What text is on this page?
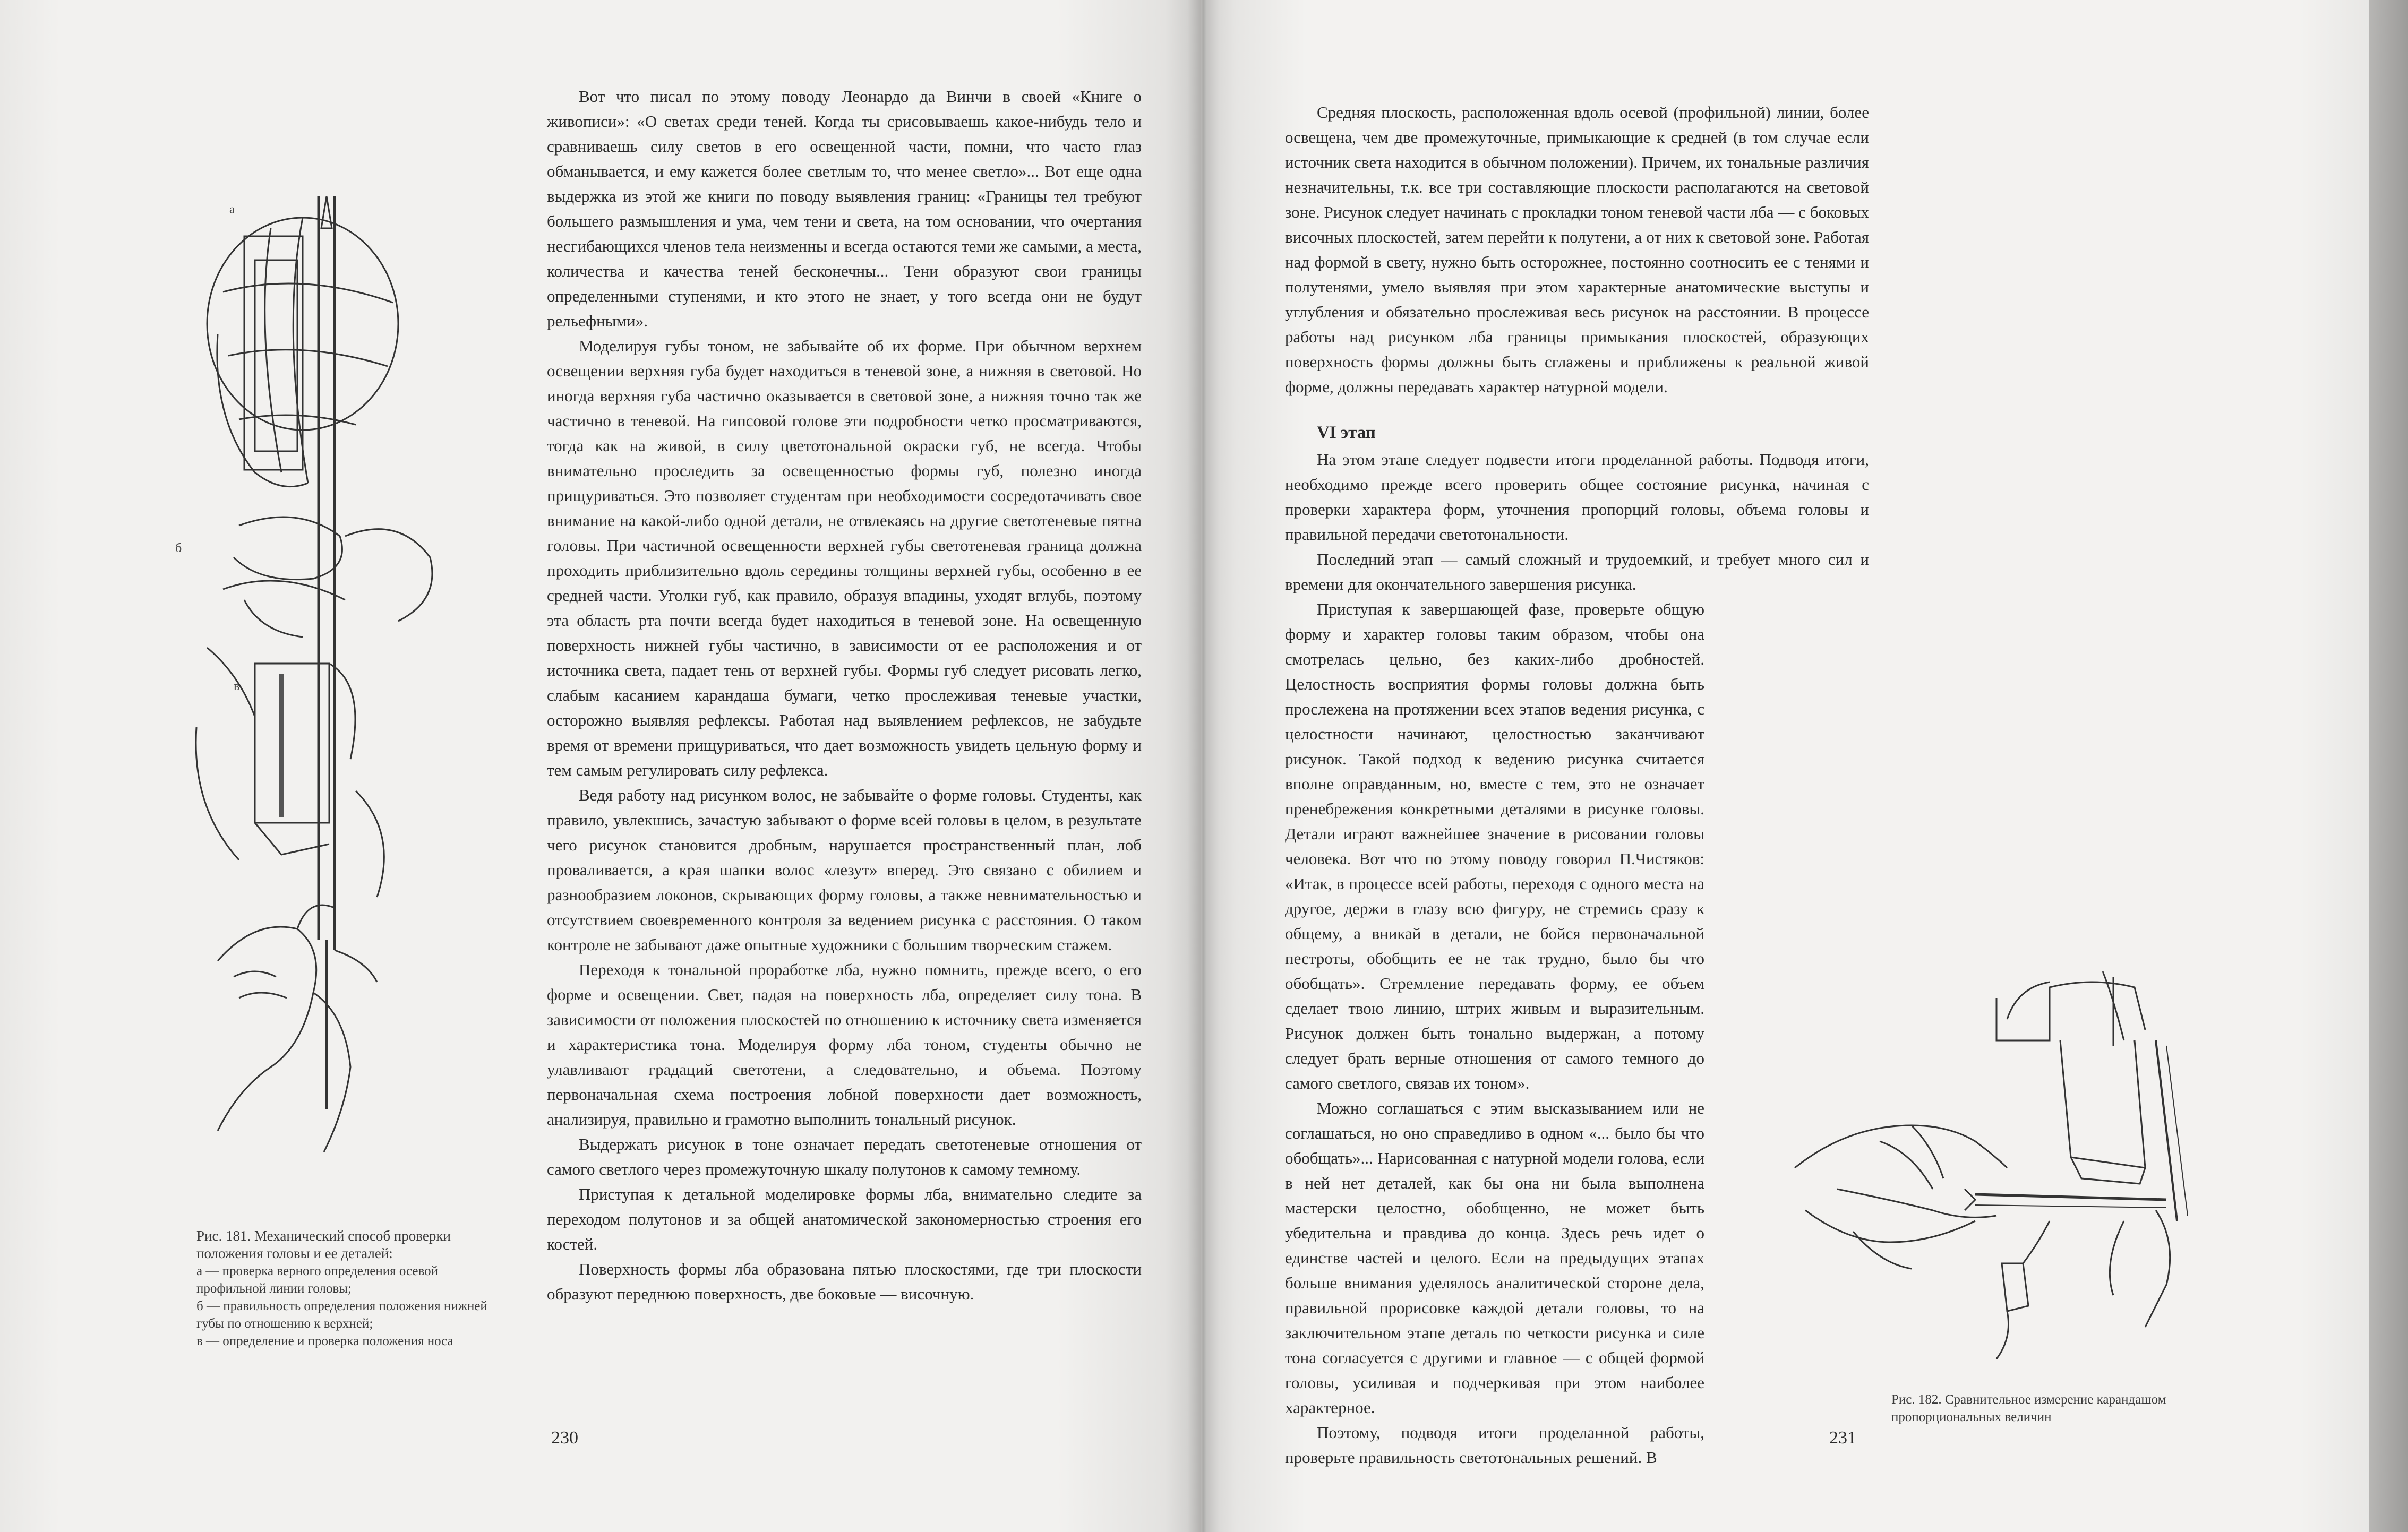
а
б
в
Рис. 181. Механический способ проверки положения головы и ее деталей:
а — проверка верного определения осевой профильной линии головы;
б — правильность определения положения нижней губы по отношению к верхней;
в — определение и проверка положения носа

Вот что писал по этому поводу Леонардо да Винчи в своей «Книге о живописи»: «О светах среди теней. Когда ты срисовываешь какое-нибудь тело и сравниваешь силу светов в его освещенной части, помни, что часто глаз обманывается, и ему кажется более светлым то, что менее светло»... Вот еще одна выдержка из этой же книги по поводу выявления границ: «Границы тел требуют большего размышления и ума, чем тени и света, на том основании, что очертания несгибающихся членов тела неизменны и всегда остаются теми же самыми, а места, количества и качества теней бесконечны... Тени образуют свои границы определенными ступенями, и кто этого не знает, у того всегда они не будут рельефными».

Моделируя губы тоном, не забывайте об их форме. При обычном верхнем освещении верхняя губа будет находиться в теневой зоне, а нижняя в световой. Но иногда верхняя губа частично оказывается в световой зоне, а нижняя точно так же частично в теневой. На гипсовой голове эти подробности четко просматриваются, тогда как на живой, в силу цветотональной окраски губ, не всегда. Чтобы внимательно проследить за освещенностью формы губ, полезно иногда прищуриваться. Это позволяет студентам при необходимости сосредотачивать свое внимание на какой-либо одной детали, не отвлекаясь на другие светотеневые пятна головы. При частичной освещенности верхней губы светотеневая граница должна проходить приблизительно вдоль середины толщины верхней губы, особенно в ее средней части. Уголки губ, как правило, образуя впадины, уходят вглубь, поэтому эта область рта почти всегда будет находиться в теневой зоне. На освещенную поверхность нижней губы частично, в зависимости от ее расположения и от источника света, падает тень от верхней губы. Формы губ следует рисовать легко, слабым касанием карандаша бумаги, четко прослеживая теневые участки, осторожно выявляя рефлексы. Работая над выявлением рефлексов, не забудьте время от времени прищуриваться, что дает возможность увидеть цельную форму и тем самым регулировать силу рефлекса.

Ведя работу над рисунком волос, не забывайте о форме головы. Студенты, как правило, увлекшись, зачастую забывают о форме всей головы в целом, в результате чего рисунок становится дробным, нарушается пространственный план, лоб проваливается, а края шапки волос «лезут» вперед. Это связано с обилием и разнообразием локонов, скрывающих форму головы, а также невнимательностью и отсутствием своевременного контроля за ведением рисунка с расстояния. О таком контроле не забывают даже опытные художники с большим творческим стажем.

Переходя к тональной проработке лба, нужно помнить, прежде всего, о его форме и освещении. Свет, падая на поверхность лба, определяет силу тона. В зависимости от положения плоскостей по отношению к источнику света изменяется и характеристика тона. Моделируя форму лба тоном, студенты обычно не улавливают градаций светотени, а следовательно, и объема. Поэтому первоначальная схема построения лобной поверхности дает возможность, анализируя, правильно и грамотно выполнить тональный рисунок.

Выдержать рисунок в тоне означает передать светотеневые отношения от самого светлого через промежуточную шкалу полутонов к самому темному.

Приступая к детальной моделировке формы лба, внимательно следите за переходом полутонов и за общей анатомической закономерностью строения его костей.

Поверхность формы лба образована пятью плоскостями, где три плоскости образуют переднюю поверхность, две боковые — височную.

230

Средняя плоскость, расположенная вдоль осевой (профильной) линии, более освещена, чем две промежуточные, примыкающие к средней (в том случае если источник света находится в обычном положении). Причем, их тональные различия незначительны, т.к. все три составляющие плоскости располагаются на световой зоне. Рисунок следует начинать с прокладки тоном теневой части лба — с боковых височных плоскостей, затем перейти к полутени, а от них к световой зоне. Работая над формой в свету, нужно быть осторожнее, постоянно соотносить ее с тенями и полутенями, умело выявляя при этом характерные анатомические выступы и углубления и обязательно прослеживая весь рисунок на расстоянии. В процессе работы над рисунком лба границы примыкания плоскостей, образующих поверхность формы должны быть сглажены и приближены к реальной живой форме, должны передавать характер натурной модели.

VI этап

На этом этапе следует подвести итоги проделанной работы. Подводя итоги, необходимо прежде всего проверить общее состояние рисунка, начиная с проверки характера форм, уточнения пропорций головы, объема головы и правильной передачи светотональности.

Последний этап — самый сложный и трудоемкий, и требует много сил и времени для окончательного завершения рисунка.

Приступая к завершающей фазе, проверьте общую форму и характер головы таким образом, чтобы она смотрелась цельно, без каких-либо дробностей. Целостность восприятия формы головы должна быть прослежена на протяжении всех этапов ведения рисунка, с целостности начинают, целостностью заканчивают рисунок. Такой подход к ведению рисунка считается вполне оправданным, но, вместе с тем, это не означает пренебрежения конкретными деталями в рисунке головы. Детали играют важнейшее значение в рисовании головы человека. Вот что по этому поводу говорил П.Чистяков: «Итак, в процессе всей работы, переходя с одного места на другое, держи в глазу всю фигуру, не стремись сразу к общему, а вникай в детали, не бойся первоначальной пестроты, обобщить ее не так трудно, было бы что обобщать». Стремление передавать форму, ее объем сделает твою линию, штрих живым и выразительным. Рисунок должен быть тонально выдержан, а потому следует брать верные отношения от самого темного до самого светлого, связав их тоном».

Можно соглашаться с этим высказыванием или не соглашаться, но оно справедливо в одном «... было бы что обобщать»... Нарисованная с натурной модели голова, если в ней нет деталей, как бы она ни была выполнена мастерски целостно, обобщенно, не может быть убедительна и правдива до конца. Здесь речь идет о единстве частей и целого. Если на предыдущих этапах больше внимания уделялось аналитической стороне дела, правильной прорисовке каждой детали головы, то на заключительном этапе деталь по четкости рисунка и силе тона согласуется с другими и главное — с общей формой головы, усиливая и подчеркивая при этом наиболее характерное.

Поэтому, подводя итоги проделанной работы, проверьте правильность светотональных решений. В

Рис. 182. Сравнительное измерение карандашом пропорциональных величин
231
